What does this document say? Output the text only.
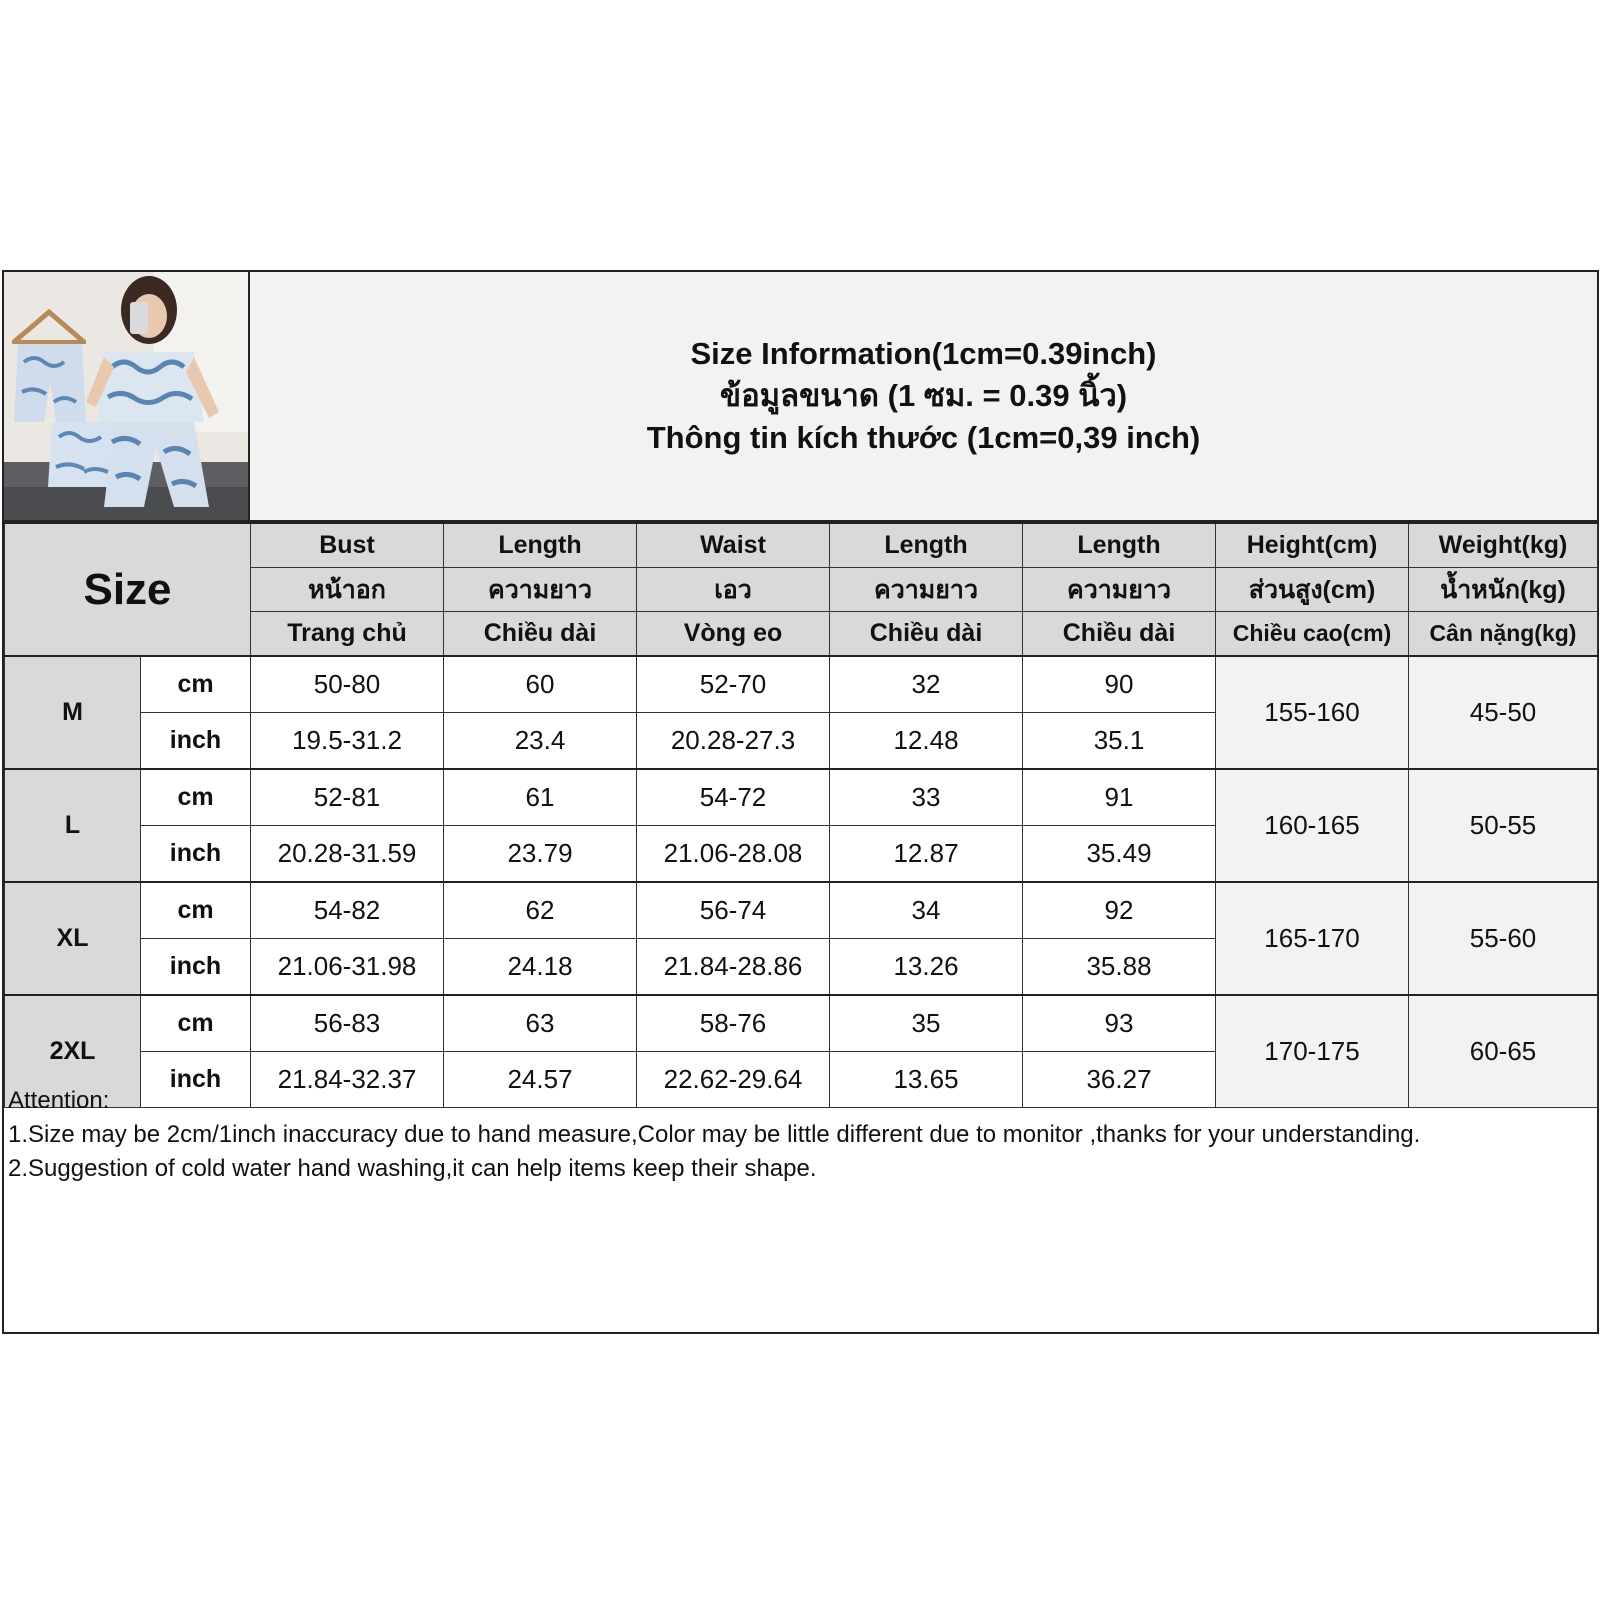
Size Information(1cm=0.39inch)
ข้อมูลขนาด (1 ซม. = 0.39 นิ้ว)
Thông tin kích thước (1cm=0,39 inch)
Size		Bust	Length	Waist	Length	Length	Height(cm)	Weight(kg)
		หน้าอก	ความยาว	เอว	ความยาว	ความยาว	ส่วนสูง(cm)	น้ำหนัก(kg)
		Trang chủ	Chiều dài	Vòng eo	Chiều dài	Chiều dài	Chiều cao(cm)	Cân nặng(kg)
M	cm	50-80	60	52-70	32	90	155-160	45-50
	inch	19.5-31.2	23.4	20.28-27.3	12.48	35.1		
L	cm	52-81	61	54-72	33	91	160-165	50-55
	inch	20.28-31.59	23.79	21.06-28.08	12.87	35.49		
XL	cm	54-82	62	56-74	34	92	165-170	55-60
	inch	21.06-31.98	24.18	21.84-28.86	13.26	35.88		
2XL	cm	56-83	63	58-76	35	93	170-175	60-65
	inch	21.84-32.37	24.57	22.62-29.64	13.65	36.27		
Attention:
1.Size may be 2cm/1inch inaccuracy due to hand measure,Color may be little different due to monitor ,thanks for your understanding.
2.Suggestion of cold water hand washing,it can help items keep their shape.
